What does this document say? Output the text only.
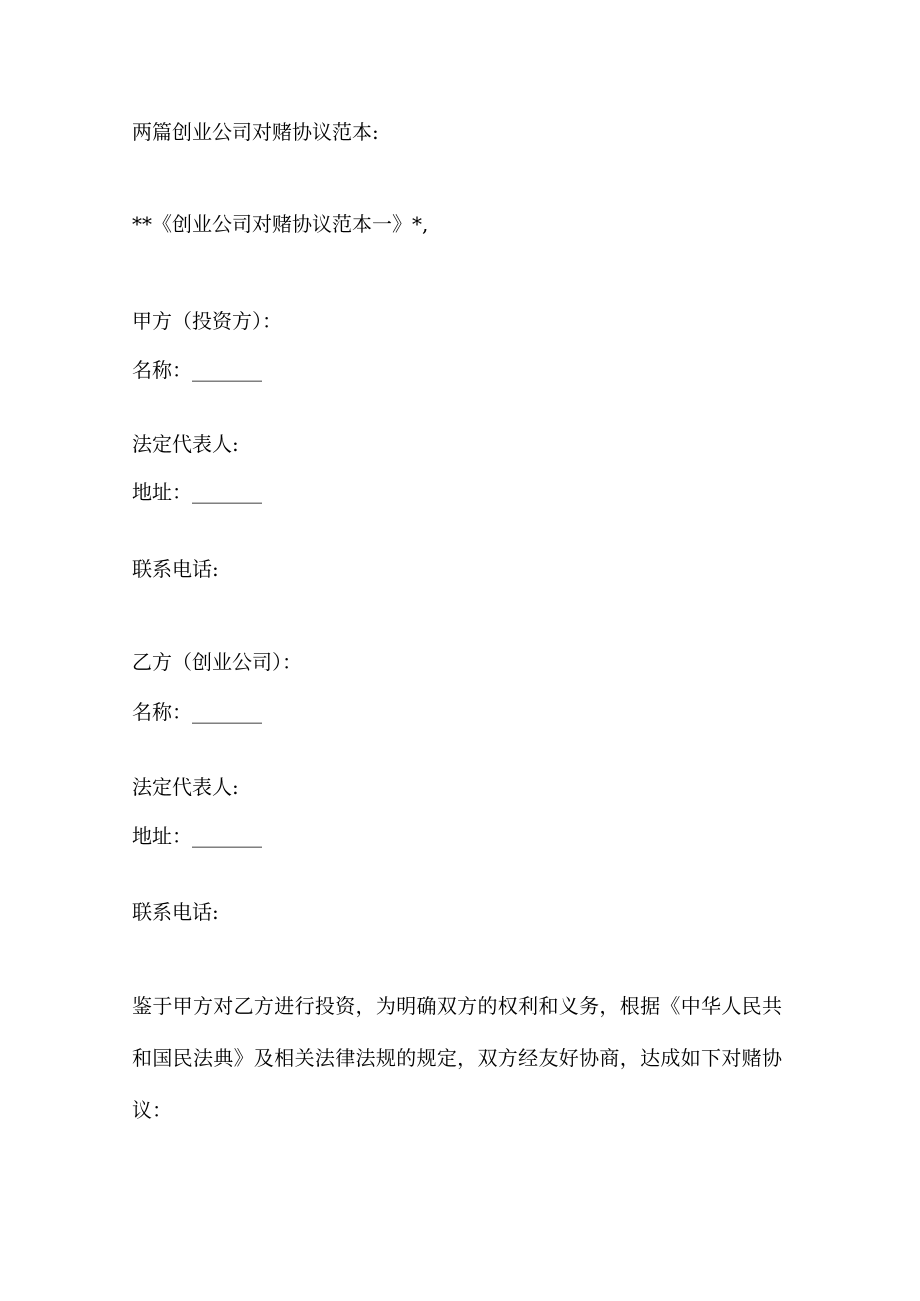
两篇创业公司对赌协议范本:

**《创业公司对赌协议范本一》*,

甲方（投资方）：

名称：_______

法定代表人:

地址：_______

联系电话:

乙方（创业公司）：

名称：_______

法定代表人:

地址：_______

联系电话:

鉴于甲方对乙方进行投资，为明确双方的权利和义务，根据《中华人民共和国民法典》及相关法律法规的规定，双方经友好协商，达成如下对赌协议：
